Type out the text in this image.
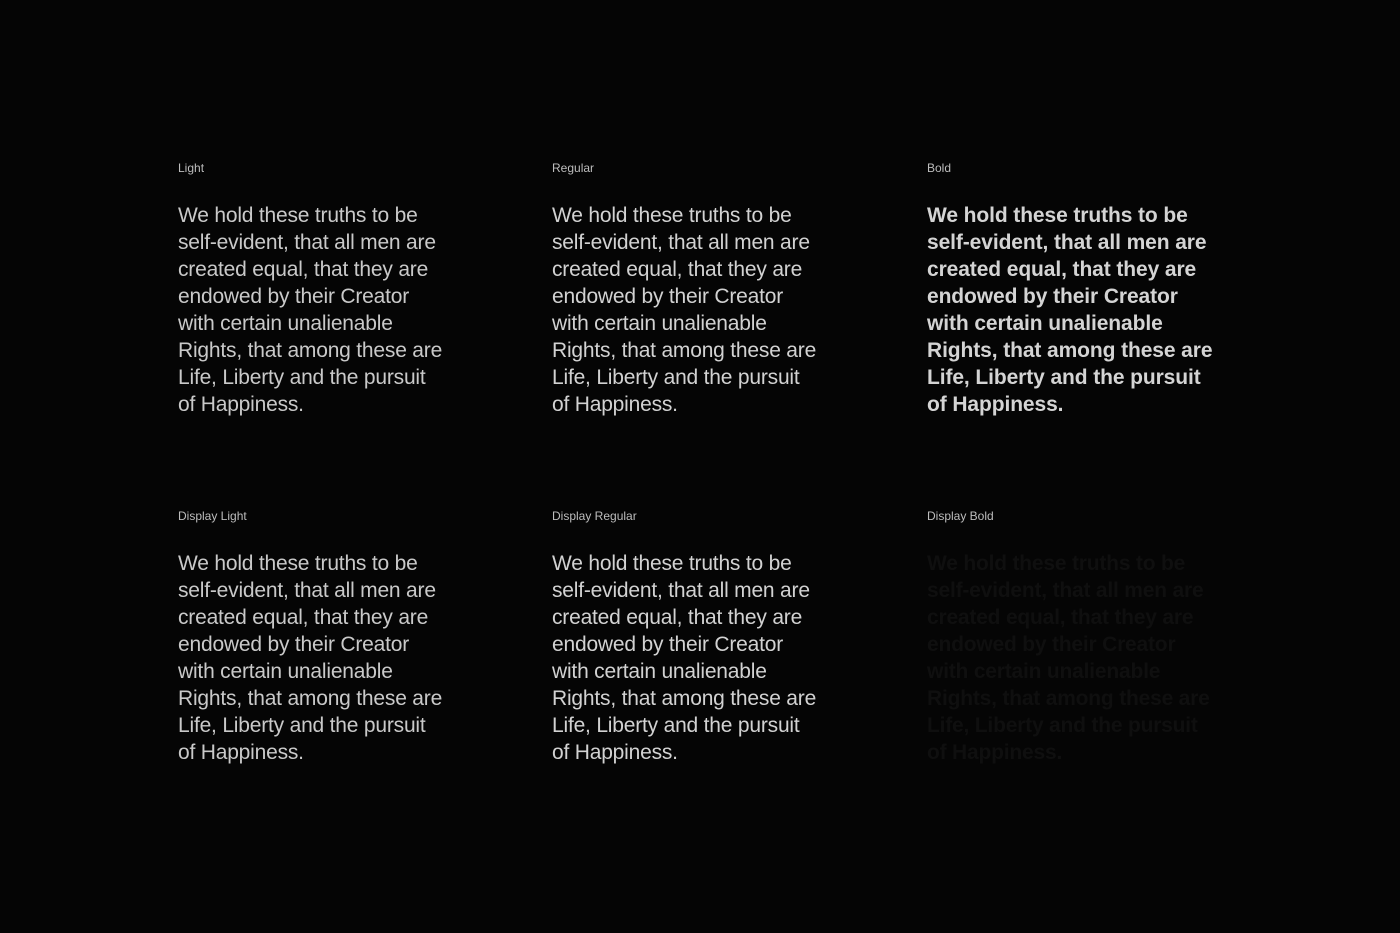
Light

We hold these truths to be
self-evident, that all men are
created equal, that they are
endowed by their Creator
with certain unalienable
Rights, that among these are
Life, Liberty and the pursuit
of Happiness.

Regular

We hold these truths to be
self-evident, that all men are
created equal, that they are
endowed by their Creator
with certain unalienable
Rights, that among these are
Life, Liberty and the pursuit
of Happiness.

Bold

We hold these truths to be
self-evident, that all men are
created equal, that they are
endowed by their Creator
with certain unalienable
Rights, that among these are
Life, Liberty and the pursuit
of Happiness.

Display Light

We hold these truths to be
self-evident, that all men are
created equal, that they are
endowed by their Creator
with certain unalienable
Rights, that among these are
Life, Liberty and the pursuit
of Happiness.

Display Regular

We hold these truths to be
self-evident, that all men are
created equal, that they are
endowed by their Creator
with certain unalienable
Rights, that among these are
Life, Liberty and the pursuit
of Happiness.

Display Bold

We hold these truths to be
self-evident, that all men are
created equal, that they are
endowed by their Creator
with certain unalienable
Rights, that among these are
Life, Liberty and the pursuit
of Happiness.
